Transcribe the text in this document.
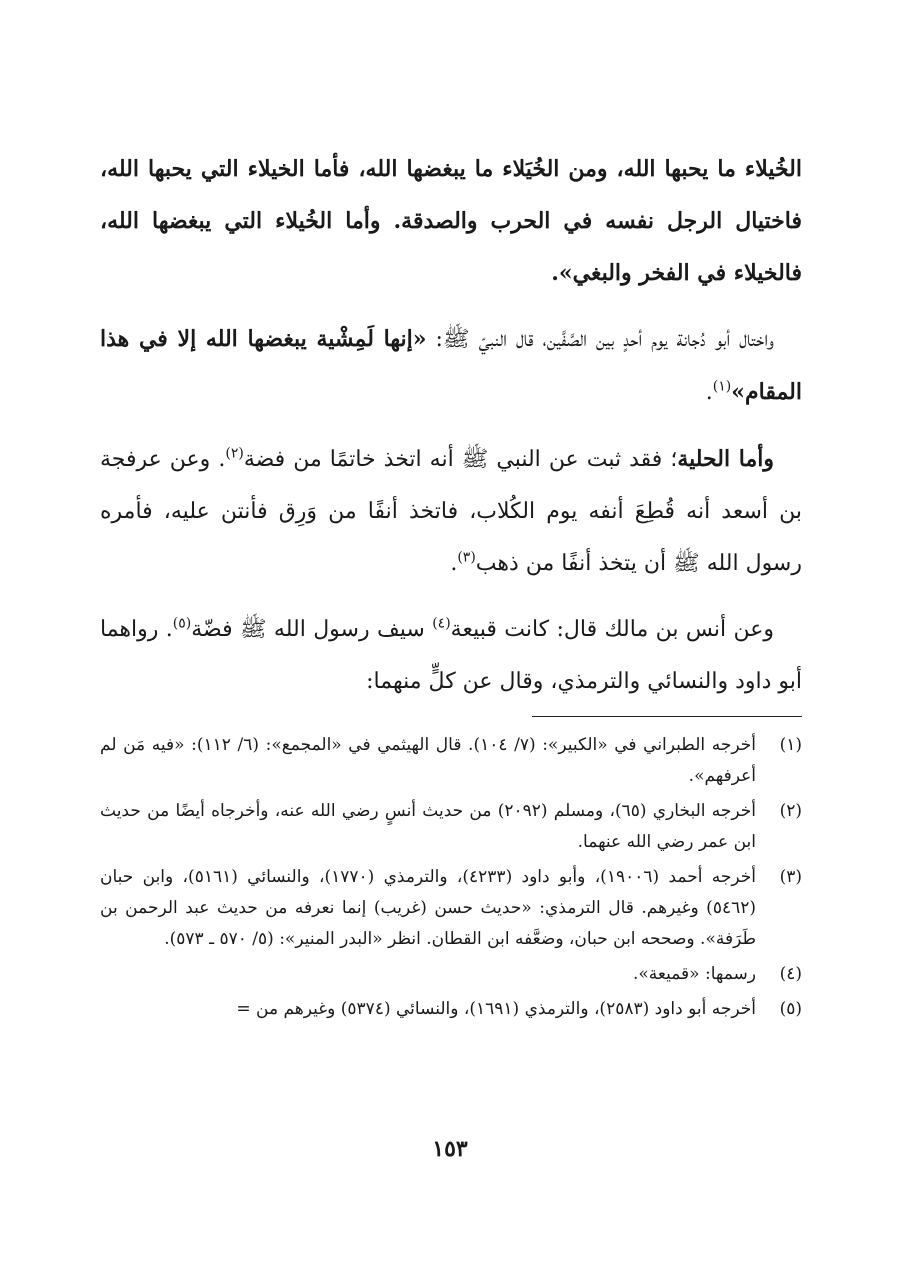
الخُيلاء ما يحبها الله، ومن الخُيَلاء ما يبغضها الله، فأما الخيلاء التي يحبها الله، فاختيال الرجل نفسه في الحرب والصدقة. وأما الخُيلاء التي يبغضها الله، فالخيلاء في الفخر والبغي».

واختال أبو دُجانة يوم أحدٍ بين الصَّفَّين، قال النبيّ ﷺ: «إنها لَمِشْية يبغضها الله إلا في هذا المقام»$^{(١)}$.

وأما الحلية؛ فقد ثبت عن النبي ﷺ أنه اتخذ خاتمًا من فضة$^{(٢)}$. وعن عرفجة بن أسعد أنه قُطِعَ أنفه يوم الكُلاب، فاتخذ أنفًا من وَرِق فأنتن عليه، فأمره رسول الله ﷺ أن يتخذ أنفًا من ذهب$^{(٣)}$.

وعن أنس بن مالك قال: كانت قبيعة$^{(٤)}$ سيف رسول الله ﷺ فضّة$^{(٥)}$. رواهما أبو داود والنسائي والترمذي، وقال عن كلٍّ منهما:

(١)
أخرجه الطبراني في «الكبير»: (٧/ ١٠٤). قال الهيثمي في «المجمع»: (٦/ ١١٢): «فيه مَن لم أعرفهم».
(٢)
أخرجه البخاري (٦٥)، ومسلم (٢٠٩٢) من حديث أنسٍ رضي الله عنه، وأخرجاه أيضًا من حديث ابن عمر رضي الله عنهما.
(٣)
أخرجه أحمد (١٩٠٠٦)، وأبو داود (٤٢٣٣)، والترمذي (١٧٧٠)، والنسائي (٥١٦١)، وابن حبان (٥٤٦٢) وغيرهم. قال الترمذي: «حديث حسن (غريب) إنما نعرفه من حديث عبد الرحمن بن طَرَفة». وصححه ابن حبان، وضعَّفه ابن القطان. انظر «البدر المنير»: (٥/ ٥٧٠ ـ ٥٧٣).
(٤)
رسمها: «قميعة».
(٥)
أخرجه أبو داود (٢٥٨٣)، والترمذي (١٦٩١)، والنسائي (٥٣٧٤) وغيرهم من =
١٥٣
